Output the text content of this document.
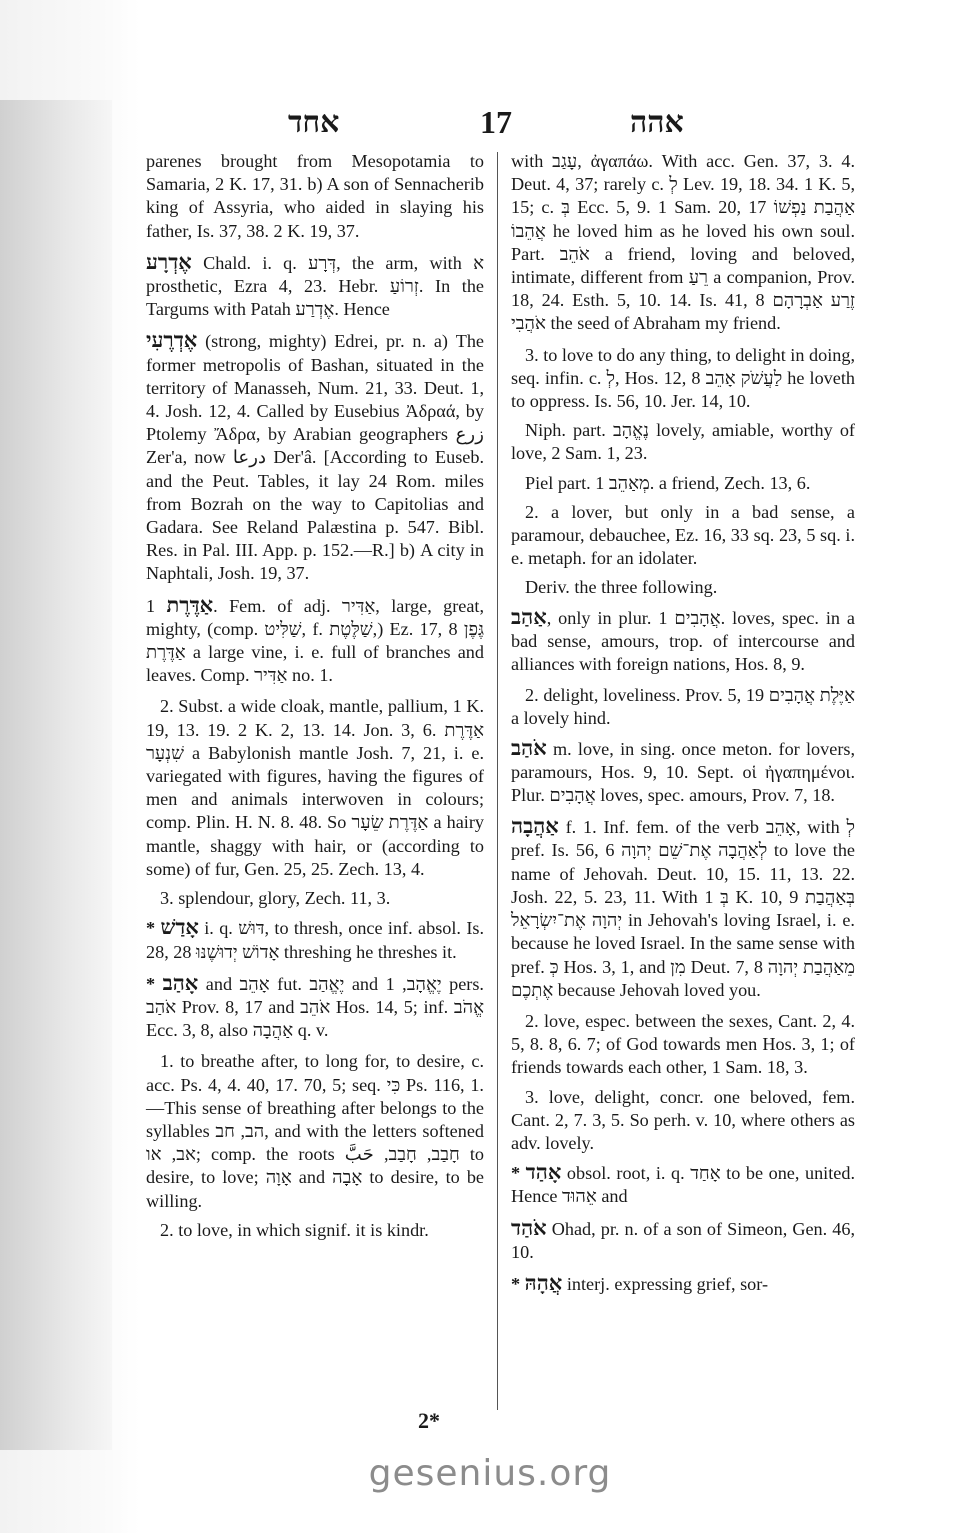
אחד	17	אהה

parenes brought from Mesopotamia to Samaria, 2 K. 17, 31. b) A son of Sennacherib king of Assyria, who aided in slaying his father, Is. 37, 38. 2 K. 19, 37.

אֶדְרָע Chald. i. q. דְּרָע, the arm, with א prosthetic, Ezra 4, 23. Hebr. זְרוֹעַ. In the Targums with Patah אֶדְרַע. Hence

אֶדְרֶעִי (strong, mighty) Edrei, pr. n. a) The former metropolis of Bashan, situated in the territory of Manasseh, Num. 21, 33. Deut. 1, 4. Josh. 12, 4. Called by Eusebius Ἀδραά, by Ptolemy Ἄδρα, by Arabian geographers زرع Zer'a, now درعا Der'â. [According to Euseb. and the Peut. Tables, it lay 24 Rom. miles from Bozrah on the way to Capitolias and Gadara. See Reland Palæstina p. 547. Bibl. Res. in Pal. III. App. p. 152.—R.] b) A city in Naphtali, Josh. 19, 37.

אַדֶּרֶת 1. Fem. of adj. אַדִּיר, large, great, mighty, (comp. שַׁלִּיט, f. שַׁלֶּטֶת,) Ez. 17, 8 גֶּפֶן אַדֶּרֶת a large vine, i. e. full of branches and leaves. Comp. אַדִּיר no. 1.

2. Subst. a wide cloak, mantle, pallium, 1 K. 19, 13. 19. 2 K. 2, 13. 14. Jon. 3, 6. אַדֶּרֶת שִׁנְעָר a Babylonish mantle Josh. 7, 21, i. e. variegated with figures, having the figures of men and animals interwoven in colours; comp. Plin. H. N. 8. 48. So אַדֶּרֶת שֵׂעָר a hairy mantle, shaggy with hair, or (according to some) of fur, Gen. 25, 25. Zech. 13, 4.

3. splendour, glory, Zech. 11, 3.

* אָדַשׁ i. q. דּוּשׁ, to thresh, once inf. absol. Is. 28, 28 אָדוֹשׁ יְדוּשֶׁנּוּ threshing he threshes it.

* אָהַב and אָהֵב fut. יֶאֱהַב and יֶאֱהָב, 1 pers. אֹהַב Prov. 8, 17 and אֹהֵב Hos. 14, 5; inf. אֱהֹב Ecc. 3, 8, also אַהֲבָה q. v.

1. to breathe after, to long for, to desire, c. acc. Ps. 4, 4. 40, 17. 70, 5; seq. כִּי Ps. 116, 1.—This sense of breathing after belongs to the syllables הב, חב, and with the letters softened אב, או; comp. the roots חָבַב, חָבַב, حَبَّ to desire, to love; אָוָה and אָבָה to desire, to be willing.

2. to love, in which signif. it is kindr.

with עָגַב, ἀγαπάω. With acc. Gen. 37, 3. 4. Deut. 4, 37; rarely c. לְ Lev. 19, 18. 34. 1 K. 5, 15; c. בְּ Ecc. 5, 9. 1 Sam. 20, 17 אַהֲבַת נַפְשׁוֹ אֲהֵבוֹ he loved him as he loved his own soul. Part. אֹהֵב a friend, loving and beloved, intimate, different from רֵעַ a companion, Prov. 18, 24. Esth. 5, 10. 14. Is. 41, 8 זֶרַע אַבְרָהָם אֹהֲבִי the seed of Abraham my friend.

3. to love to do any thing, to delight in doing, seq. infin. c. לְ, Hos. 12, 8 לַעֲשֹׁק אָהֵב he loveth to oppress. Is. 56, 10. Jer. 14, 10.

Niph. part. נֶאֱהָב lovely, amiable, worthy of love, 2 Sam. 1, 23.

Piel part. מְאַהֵב 1. a friend, Zech. 13, 6.

2. a lover, but only in a bad sense, a paramour, debauchee, Ez. 16, 33 sq. 23, 5 sq. i. e. metaph. for an idolater.

Deriv. the three following.

אַהַב, only in plur. אֲהָבִים 1. loves, spec. in a bad sense, amours, trop. of intercourse and alliances with foreign nations, Hos. 8, 9.

2. delight, loveliness. Prov. 5, 19 אַיֶּלֶת אֲהָבִים a lovely hind.

אֹהַב m. love, in sing. once meton. for lovers, paramours, Hos. 9, 10. Sept. οἱ ἠγαπημένοι. Plur. אֲהָבִים loves, spec. amours, Prov. 7, 18.

אַהֲבָה f. 1. Inf. fem. of the verb אָהֵב, with לְ pref. Is. 56, 6 לְאַהֲבָה אֶת־שֵׁם יְהוָה to love the name of Jehovah. Deut. 10, 15. 11, 13. 22. Josh. 22, 5. 23, 11. With בְּ 1 K. 10, 9 בְּאַהֲבַת יְהוָה אֶת־יִשְׂרָאֵל in Jehovah's loving Israel, i. e. because he loved Israel. In the same sense with pref. כְּ Hos. 3, 1, and מִן Deut. 7, 8 מֵאַהֲבַת יְהוָה אֶתְכֶם because Jehovah loved you.

2. love, espec. between the sexes, Cant. 2, 4. 5, 8. 8, 6. 7; of God towards men Hos. 3, 1; of friends towards each other, 1 Sam. 18, 3.

3. love, delight, concr. one beloved, fem. Cant. 2, 7. 3, 5. So perh. v. 10, where others as adv. lovely.

* אָהַד obsol. root, i. q. אָחַד to be one, united. Hence אֵהוּד and

אֹהַד Ohad, pr. n. of a son of Simeon, Gen. 46, 10.

* אֲהָהּ interj. expressing grief, sor-

2*
gesenius.org
